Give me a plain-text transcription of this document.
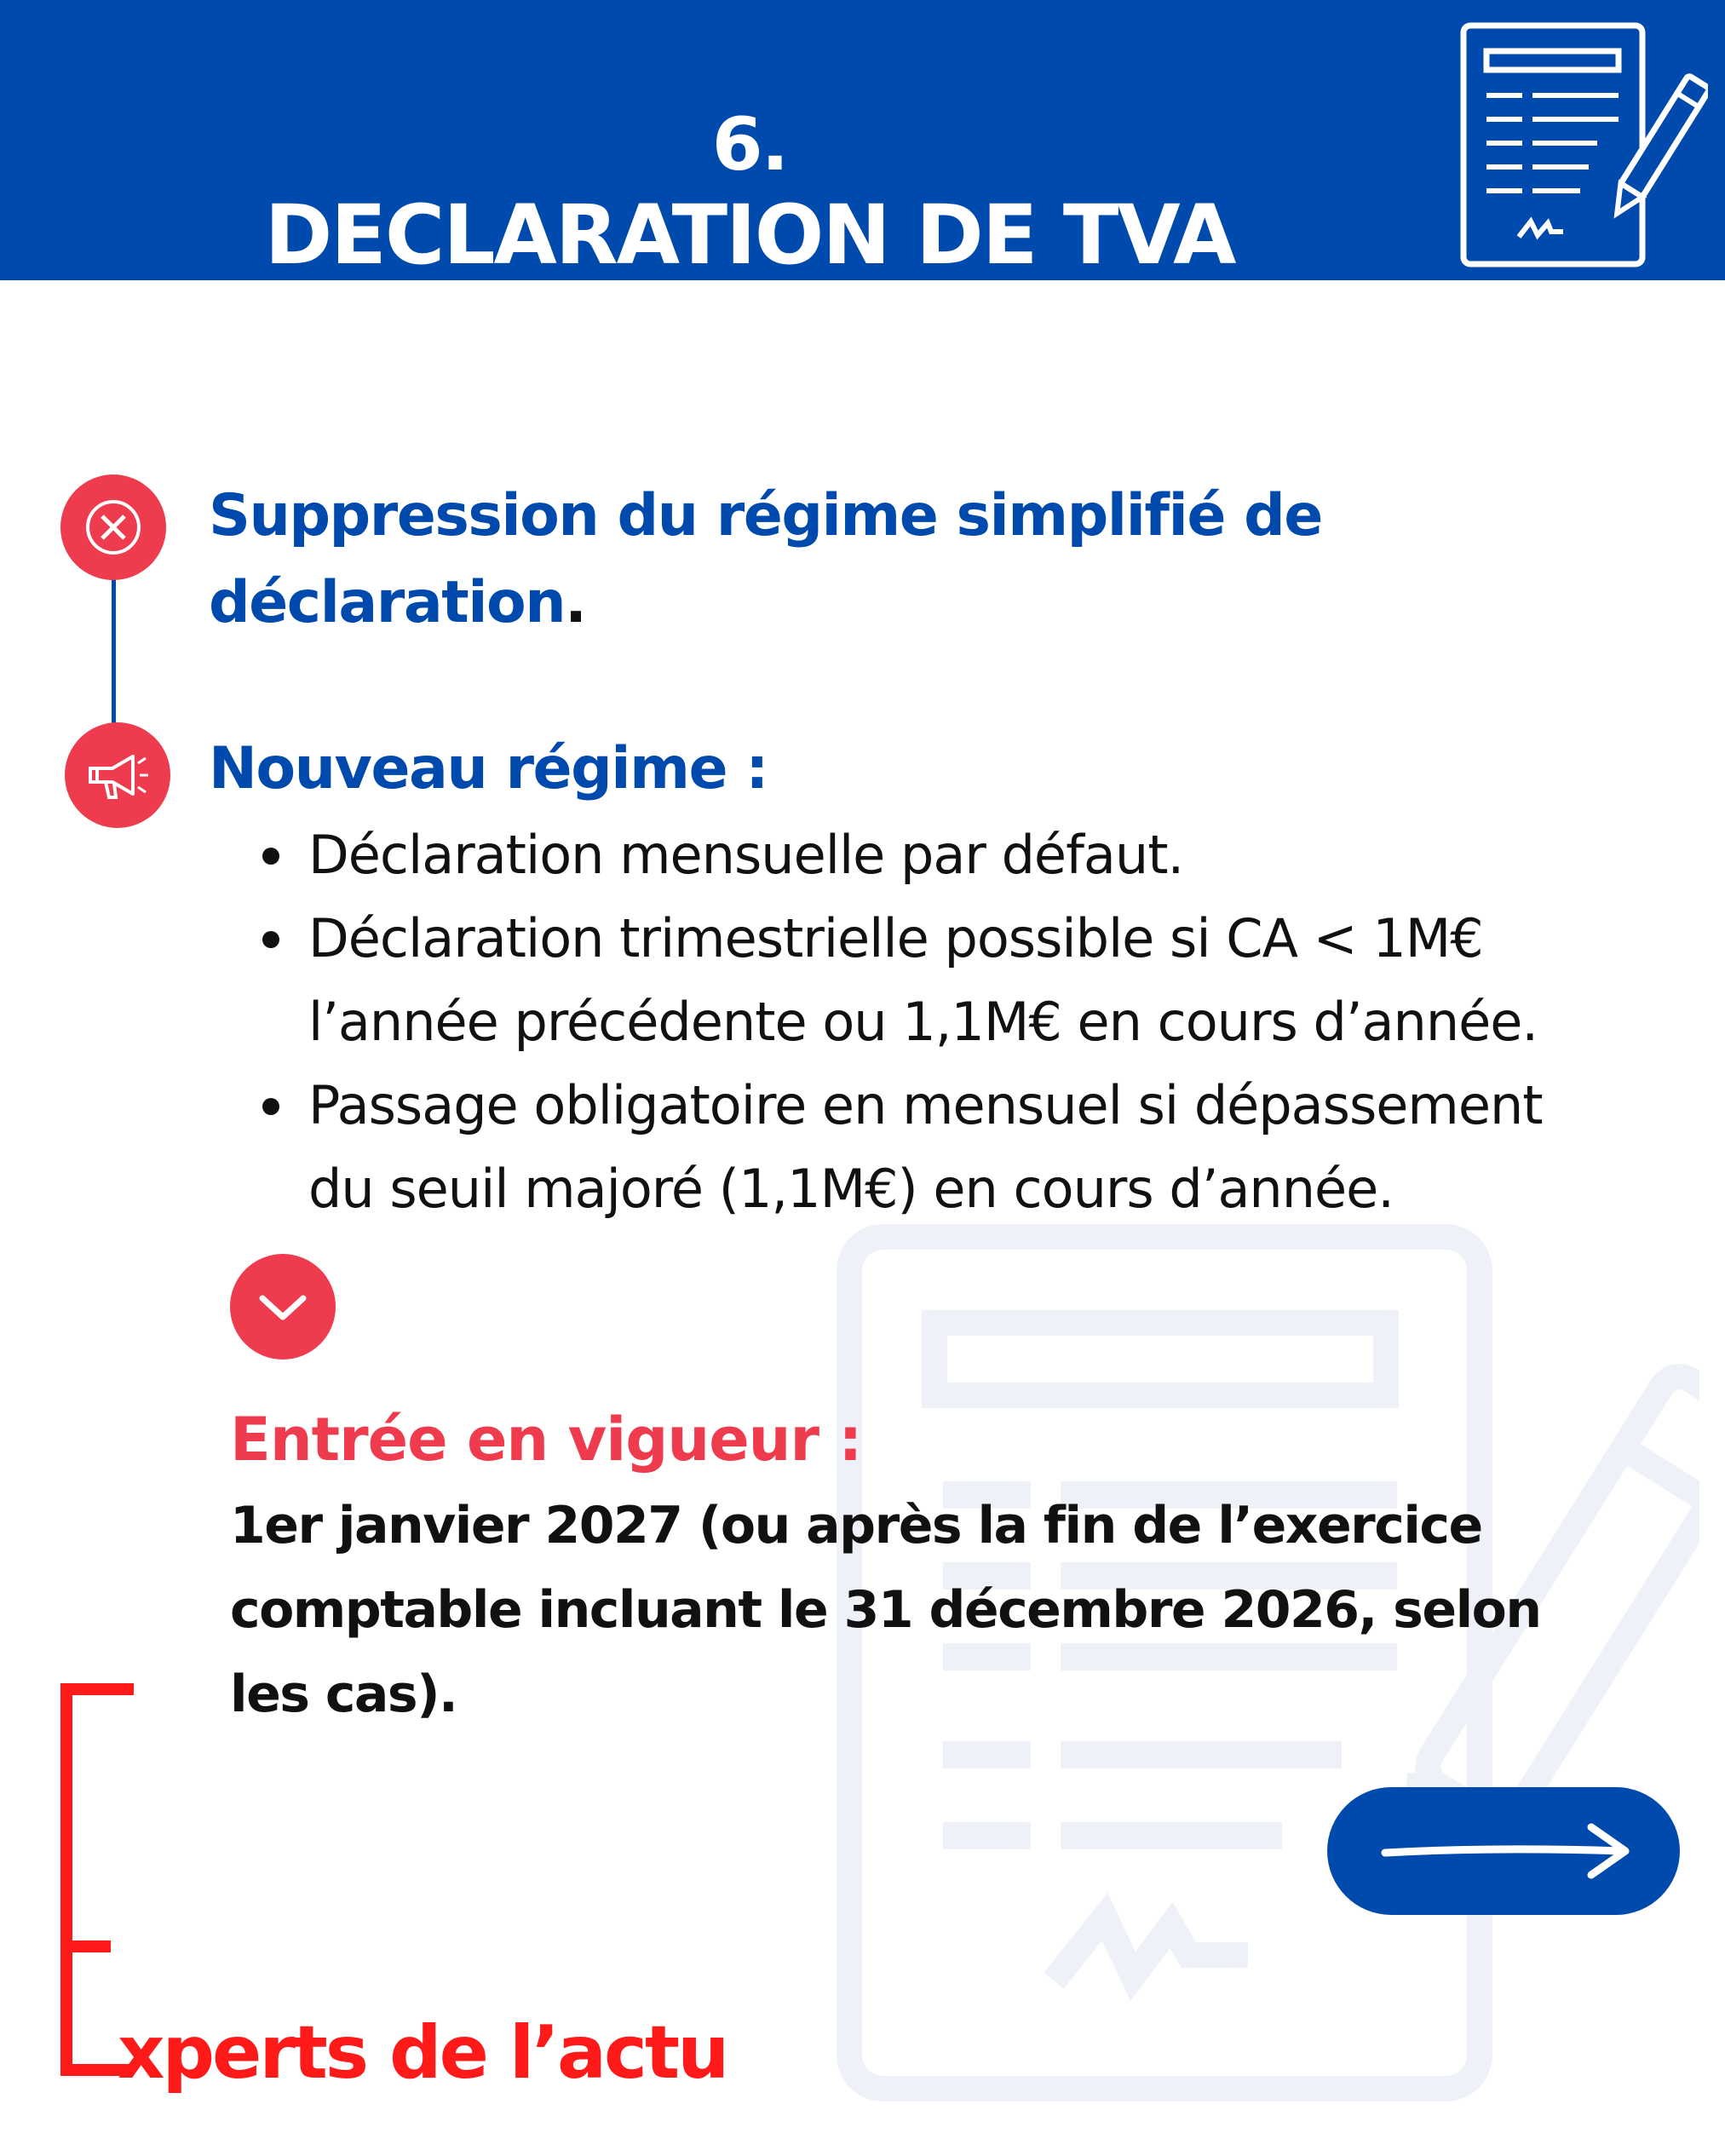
6.
DECLARATION DE TVA
Suppression du régime simplifié de déclaration.
Nouveau régime :
Déclaration mensuelle par défaut.
Déclaration trimestrielle possible si CA < 1M€ l’année précédente ou 1,1M€ en cours d’année.
Passage obligatoire en mensuel si dépassement du seuil majoré (1,1M€) en cours d’année.
Entrée en vigueur :
1er janvier 2027 (ou après la fin de l’exercice comptable incluant le 31 décembre 2026, selon les cas).
xperts de l’actu
